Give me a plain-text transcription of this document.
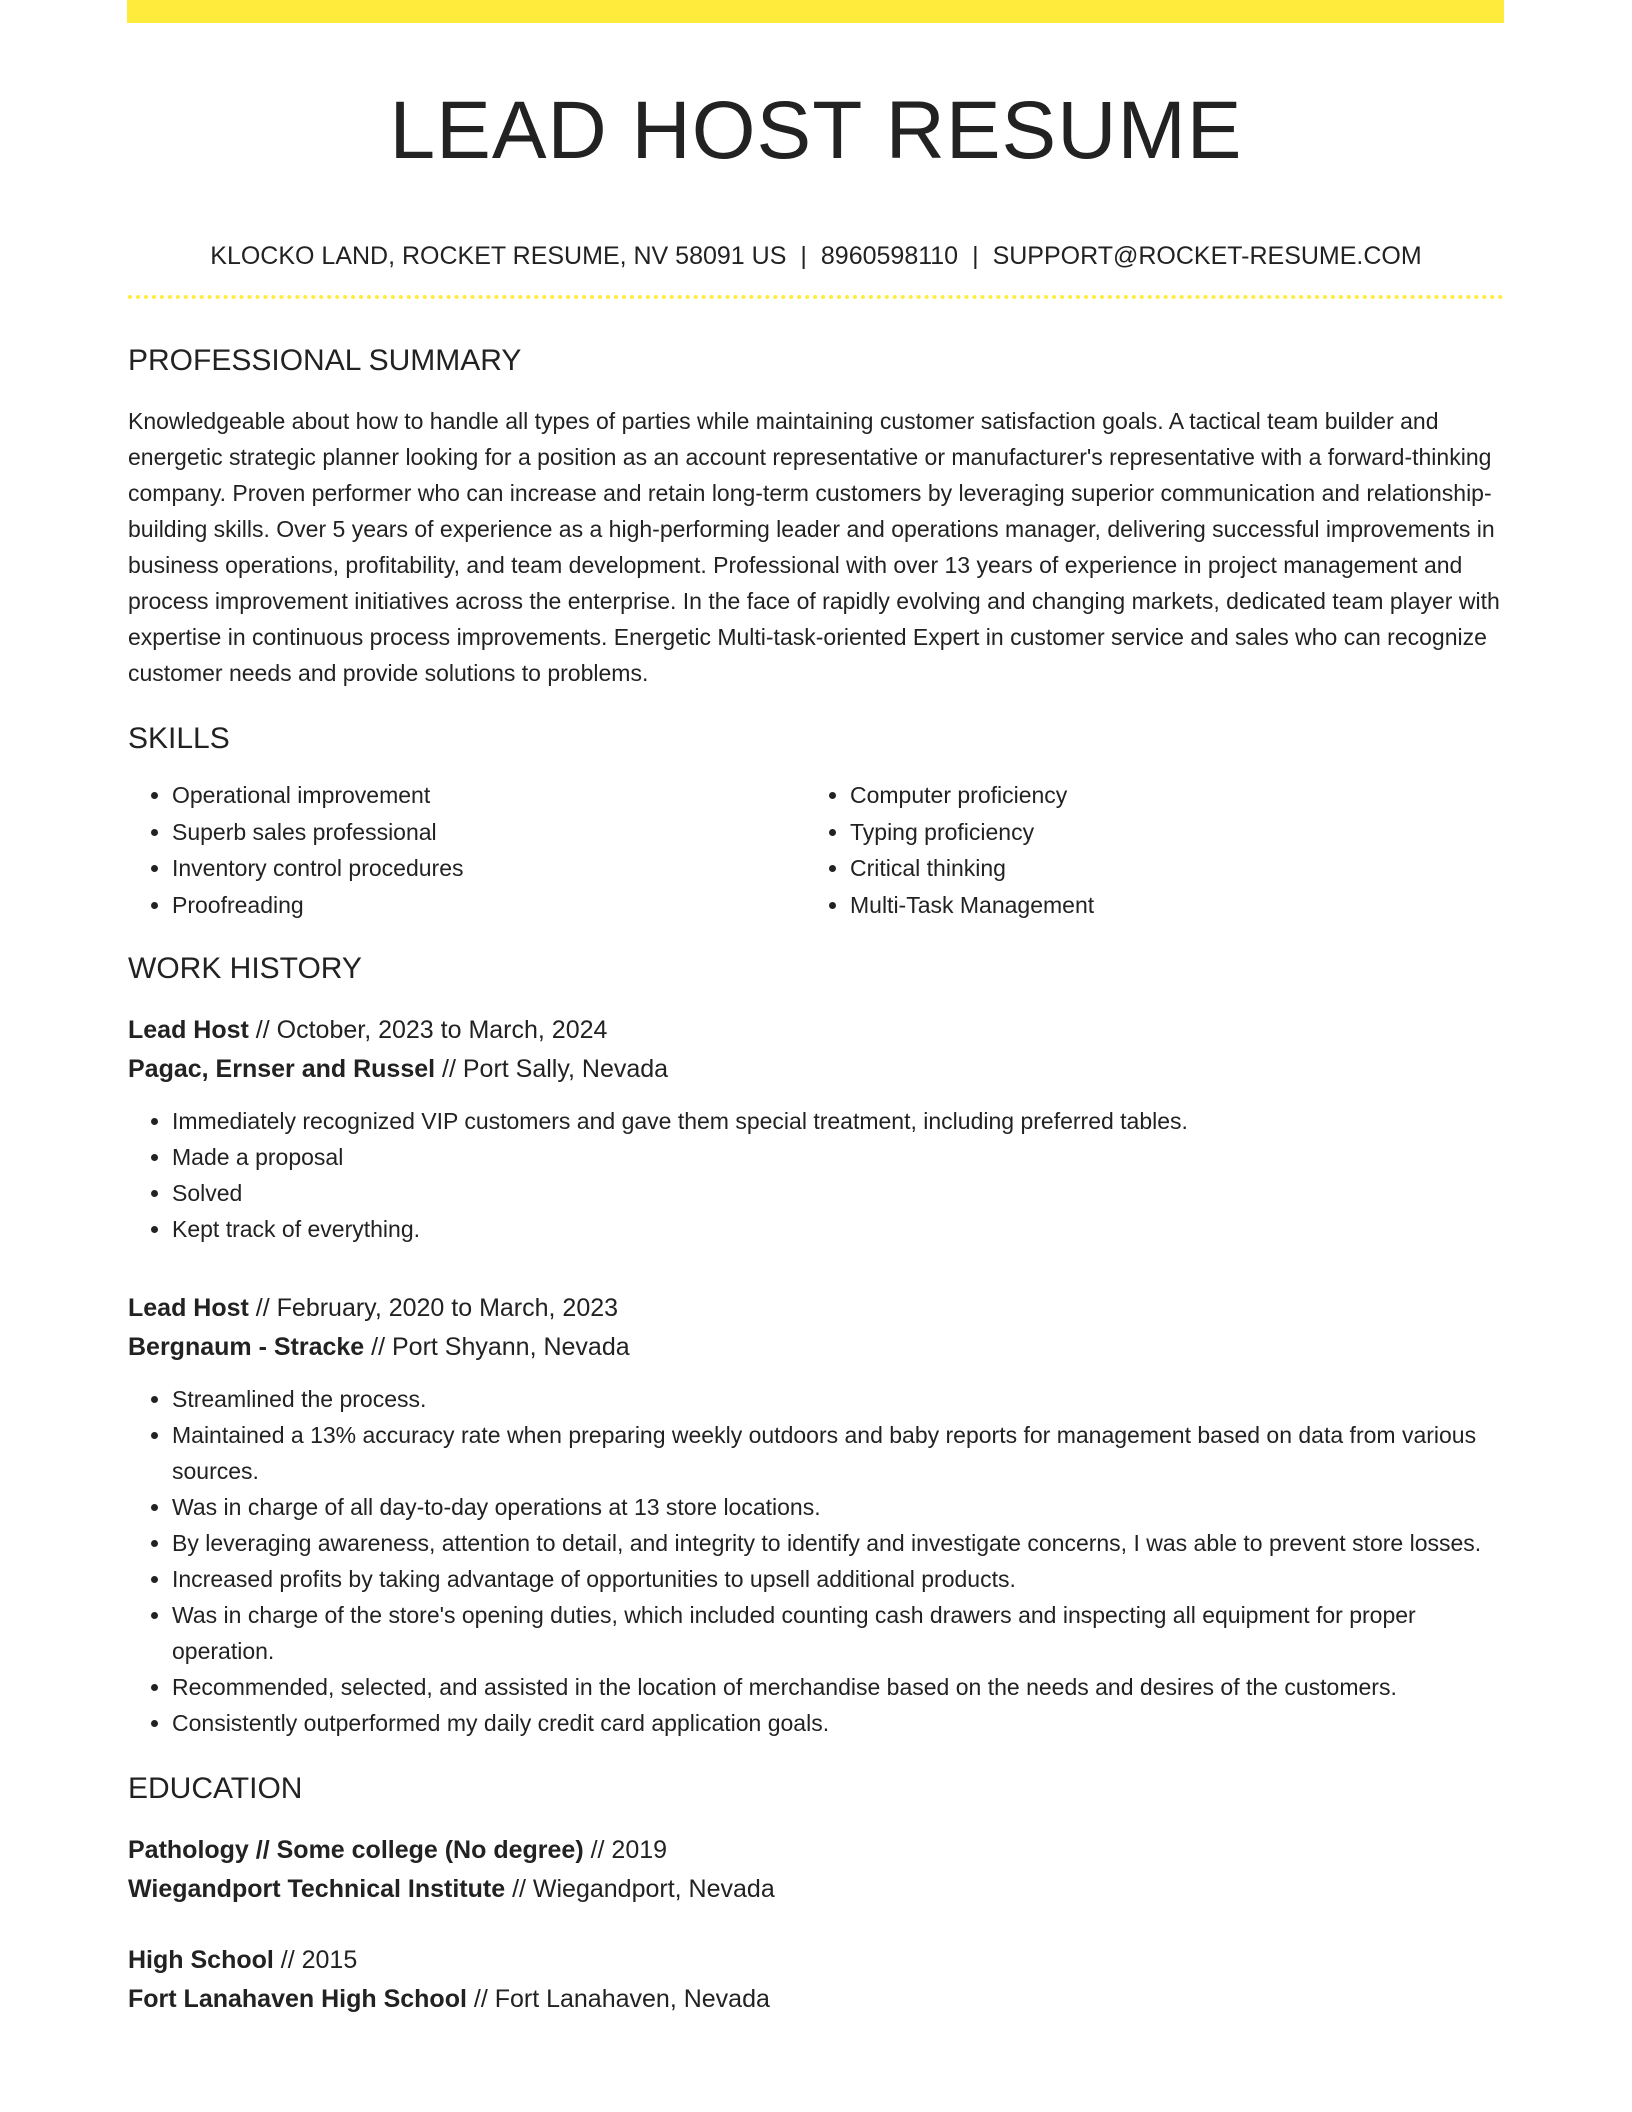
LEAD HOST RESUME
KLOCKO LAND, ROCKET RESUME, NV 58091 US | 8960598110 | SUPPORT@ROCKET-RESUME.COM
PROFESSIONAL SUMMARY
Knowledgeable about how to handle all types of parties while maintaining customer satisfaction goals. A tactical team builder and energetic strategic planner looking for a position as an account representative or manufacturer's representative with a forward-thinking company. Proven performer who can increase and retain long-term customers by leveraging superior communication and relationship-building skills. Over 5 years of experience as a high-performing leader and operations manager, delivering successful improvements in business operations, profitability, and team development. Professional with over 13 years of experience in project management and process improvement initiatives across the enterprise. In the face of rapidly evolving and changing markets, dedicated team player with expertise in continuous process improvements. Energetic Multi-task-oriented Expert in customer service and sales who can recognize customer needs and provide solutions to problems.
SKILLS
• Operational improvement
• Superb sales professional
• Inventory control procedures
• Proofreading
• Computer proficiency
• Typing proficiency
• Critical thinking
• Multi-Task Management
WORK HISTORY
Lead Host // October, 2023 to March, 2024
Pagac, Ernser and Russel // Port Sally, Nevada
• Immediately recognized VIP customers and gave them special treatment, including preferred tables.
• Made a proposal
• Solved
• Kept track of everything.
Lead Host // February, 2020 to March, 2023
Bergnaum - Stracke // Port Shyann, Nevada
• Streamlined the process.
• Maintained a 13% accuracy rate when preparing weekly outdoors and baby reports for management based on data from various sources.
• Was in charge of all day-to-day operations at 13 store locations.
• By leveraging awareness, attention to detail, and integrity to identify and investigate concerns, I was able to prevent store losses.
• Increased profits by taking advantage of opportunities to upsell additional products.
• Was in charge of the store's opening duties, which included counting cash drawers and inspecting all equipment for proper operation.
• Recommended, selected, and assisted in the location of merchandise based on the needs and desires of the customers.
• Consistently outperformed my daily credit card application goals.
EDUCATION
Pathology // Some college (No degree) // 2019
Wiegandport Technical Institute // Wiegandport, Nevada
High School // 2015
Fort Lanahaven High School // Fort Lanahaven, Nevada
